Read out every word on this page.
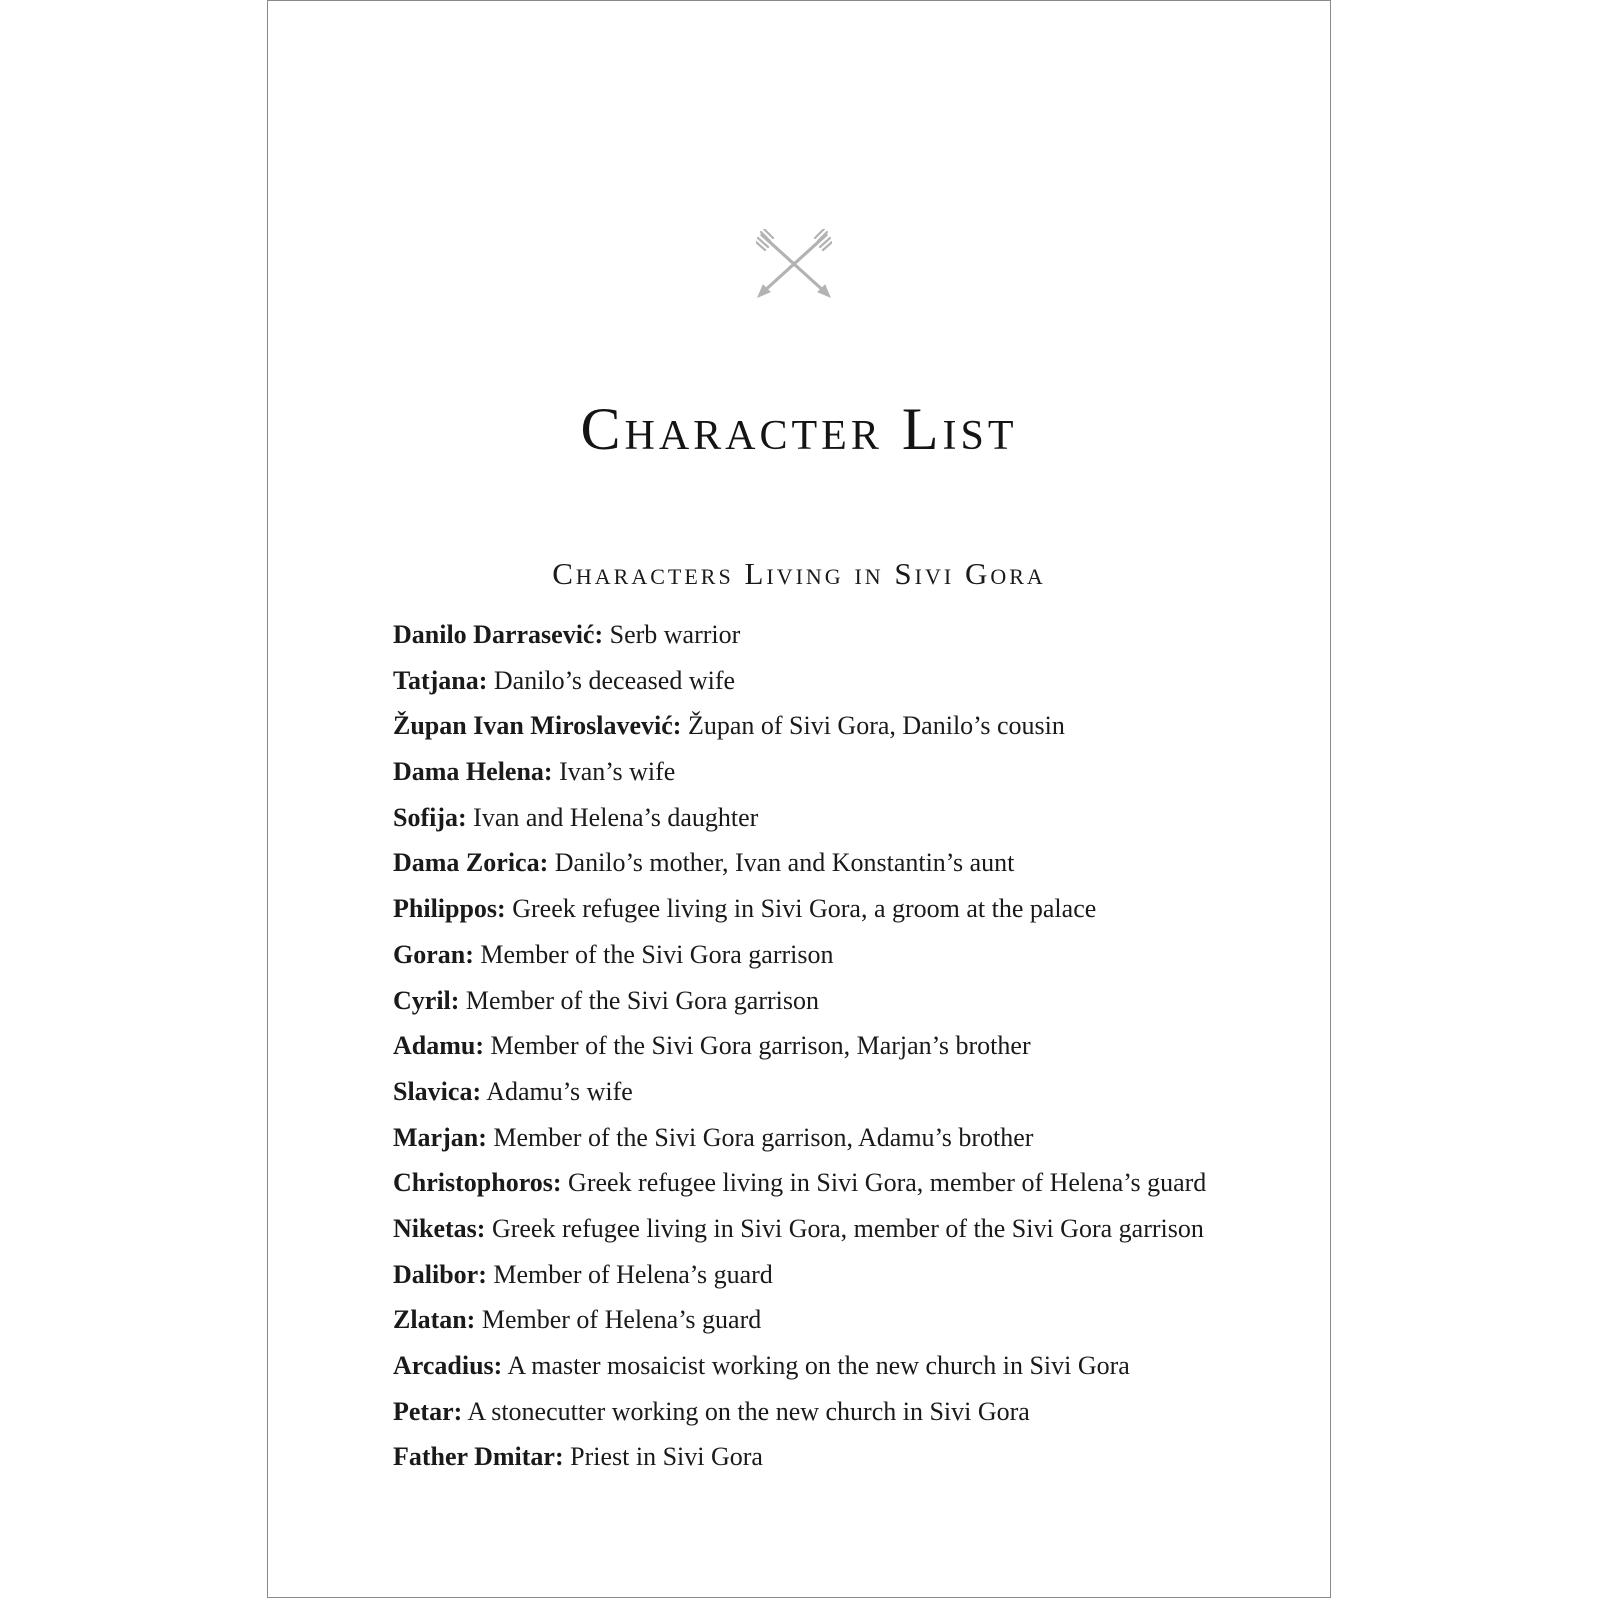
Character List
Characters Living in Sivi Gora
Danilo Darrasević: Serb warrior
Tatjana: Danilo’s deceased wife
Župan Ivan Miroslavević: Župan of Sivi Gora, Danilo’s cousin
Dama Helena: Ivan’s wife
Sofija: Ivan and Helena’s daughter
Dama Zorica: Danilo’s mother, Ivan and Konstantin’s aunt
Philippos: Greek refugee living in Sivi Gora, a groom at the palace
Goran: Member of the Sivi Gora garrison
Cyril: Member of the Sivi Gora garrison
Adamu: Member of the Sivi Gora garrison, Marjan’s brother
Slavica: Adamu’s wife
Marjan: Member of the Sivi Gora garrison, Adamu’s brother
Christophoros: Greek refugee living in Sivi Gora, member of Helena’s guard
Niketas: Greek refugee living in Sivi Gora, member of the Sivi Gora garrison
Dalibor: Member of Helena’s guard
Zlatan: Member of Helena’s guard
Arcadius: A master mosaicist working on the new church in Sivi Gora
Petar: A stonecutter working on the new church in Sivi Gora
Father Dmitar: Priest in Sivi Gora
